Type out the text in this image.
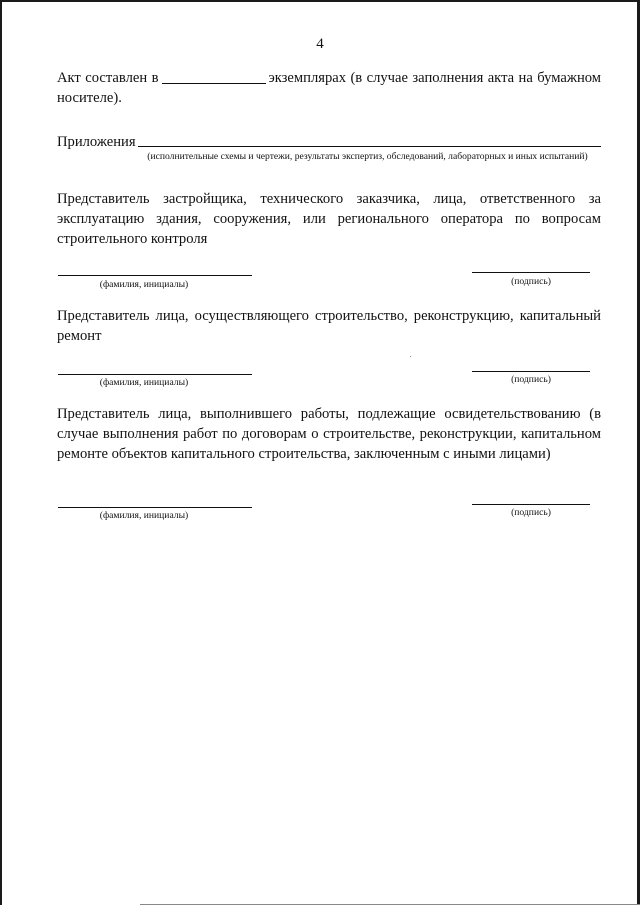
4
Акт составлен в	экземплярах (в случае заполнения акта на бумажном носителе).
Приложения
(исполнительные схемы и чертежи, результаты экспертиз, обследований, лабораторных и иных испытаний)
Представитель застройщика, технического заказчика, лица, ответственного за эксплуатацию здания, сооружения, или регионального оператора по вопросам строительного контроля
(фамилия, инициалы)	(подпись)
Представитель лица, осуществляющего строительство, реконструкцию, капитальный ремонт
(фамилия, инициалы)	(подпись)
Представитель лица, выполнившего работы, подлежащие освидетельствованию (в случае выполнения работ по договорам о строительстве, реконструкции, капитальном ремонте объектов капитального строительства, заключенным с иными лицами)
(фамилия, инициалы)	(подпись)
